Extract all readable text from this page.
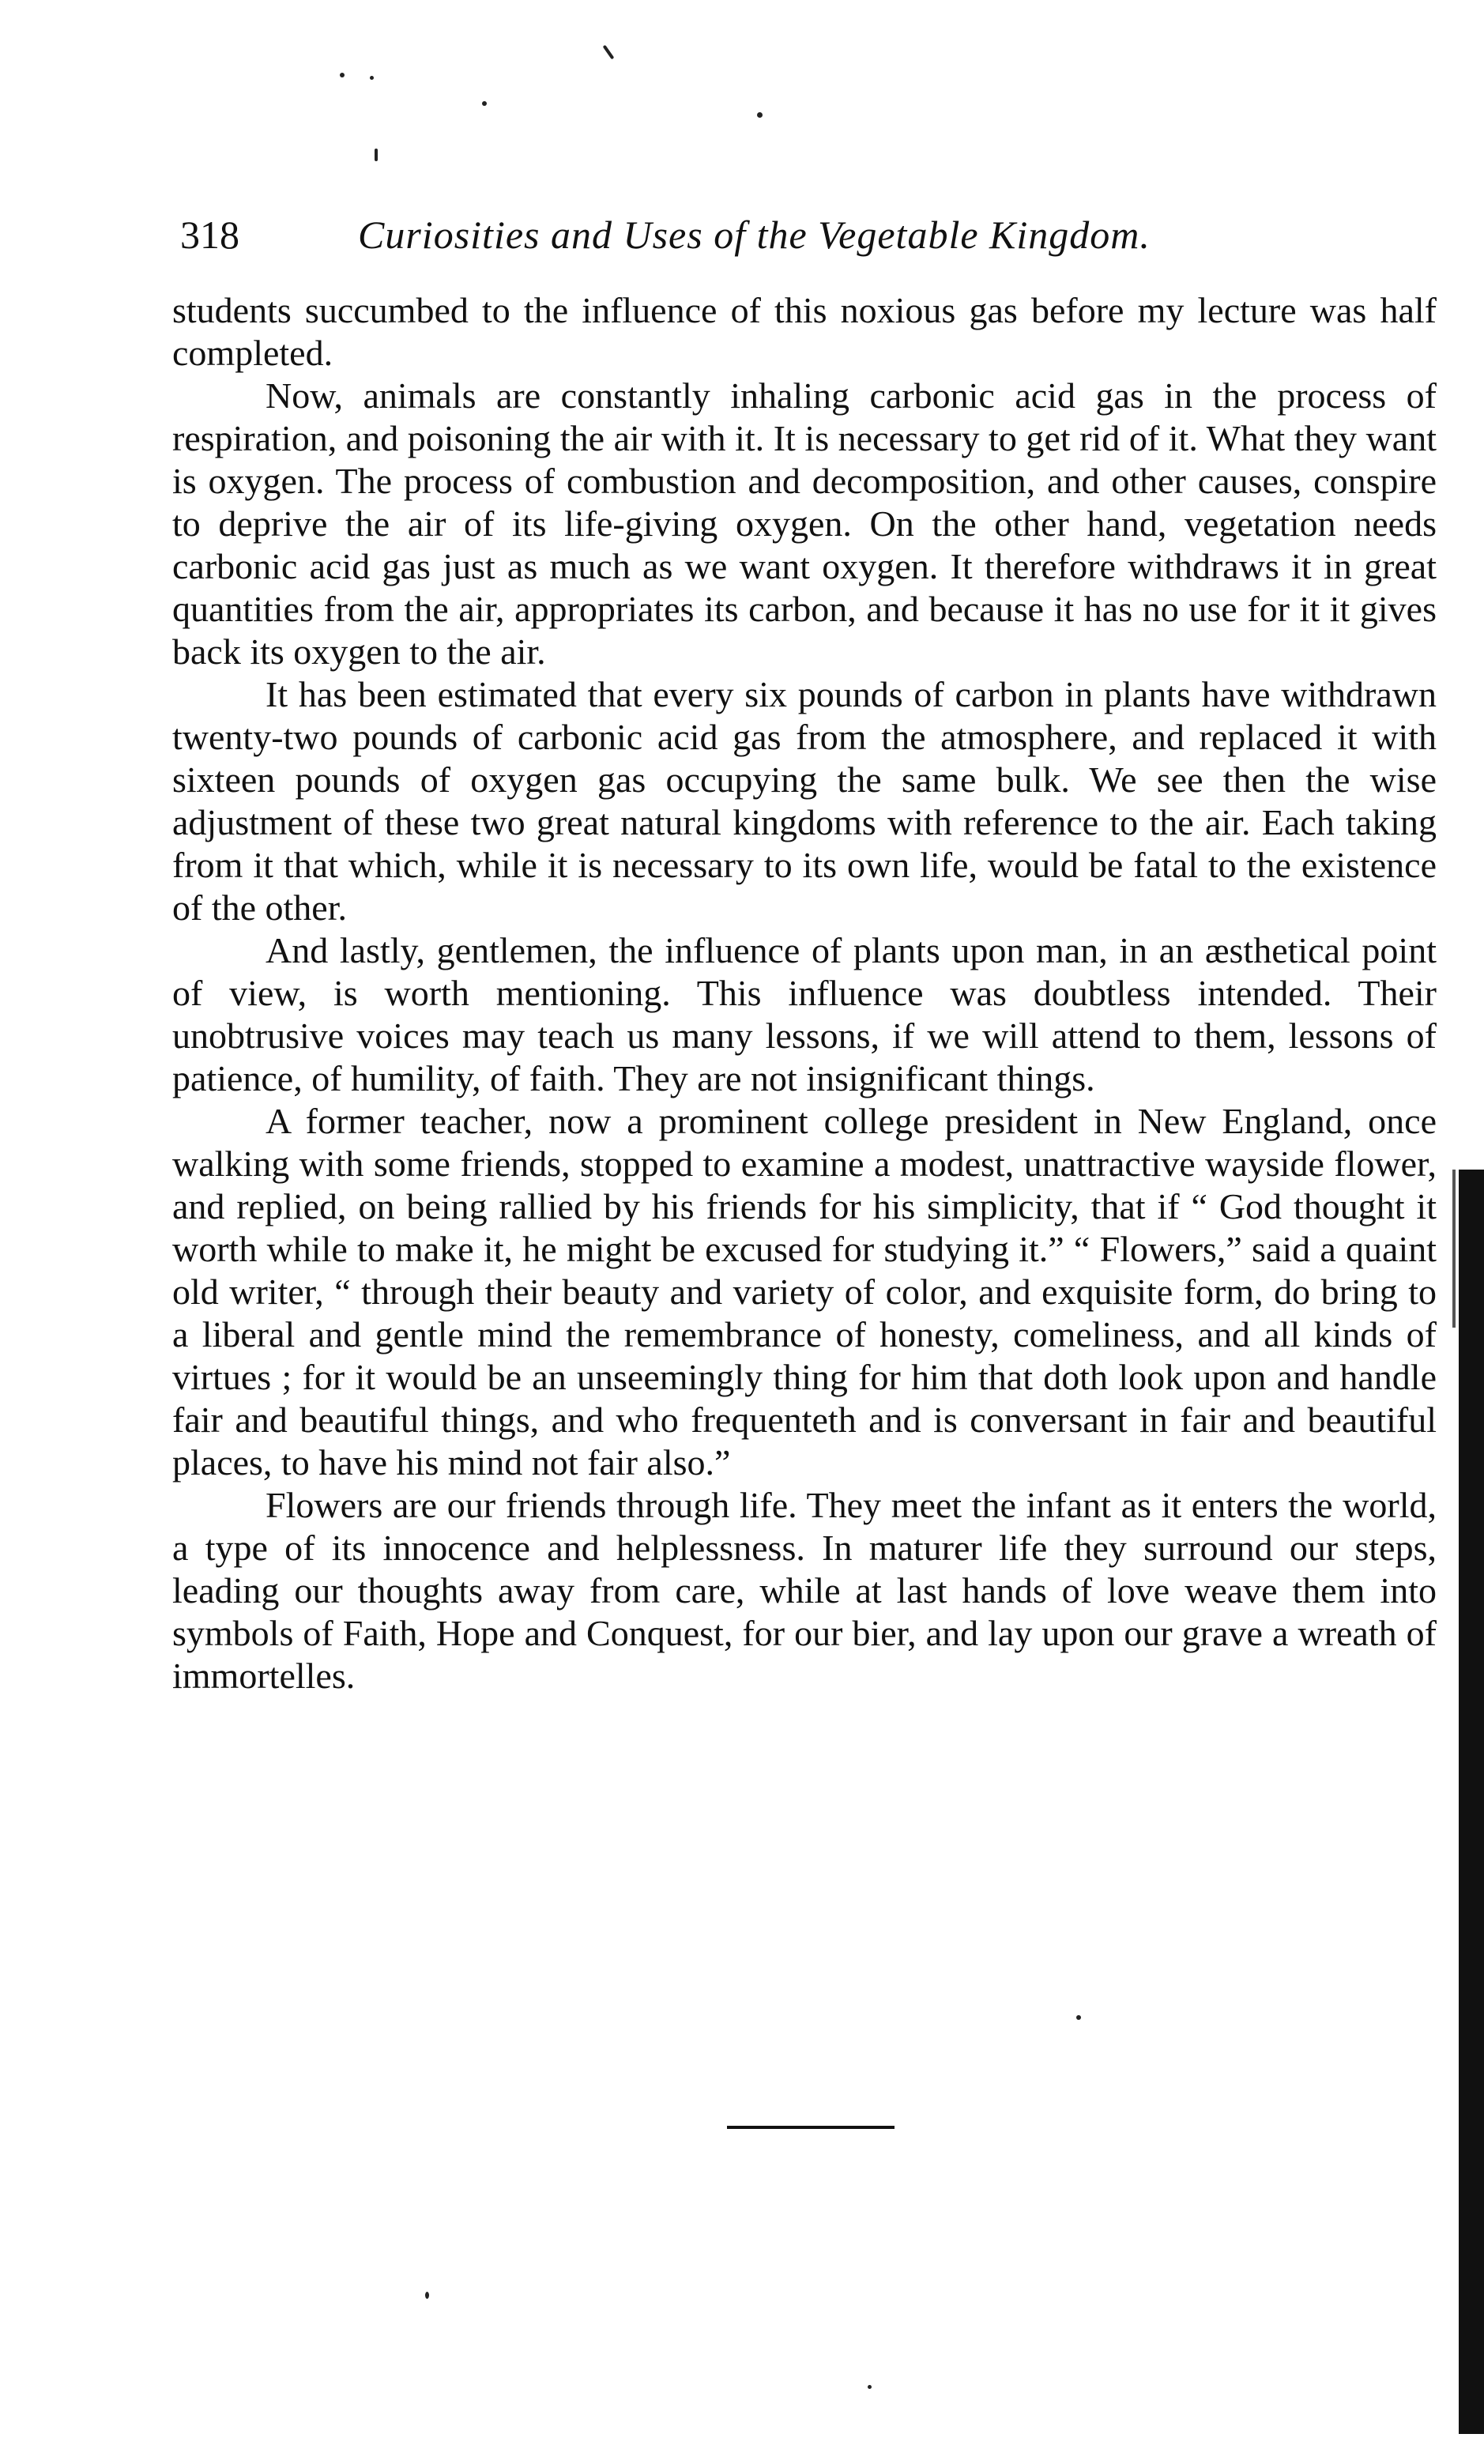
318	Curiosities and Uses of the Vegetable Kingdom.

students succumbed to the influence of this noxious gas before my lecture was half completed.

Now, animals are constantly inhaling carbonic acid gas in the process of respiration, and poisoning the air with it. It is necessary to get rid of it. What they want is oxygen. The process of combustion and decomposition, and other causes, conspire to deprive the air of its life-giving oxygen. On the other hand, vegetation needs carbonic acid gas just as much as we want oxygen. It therefore withdraws it in great quantities from the air, appropriates its carbon, and because it has no use for it it gives back its oxygen to the air.

It has been estimated that every six pounds of carbon in plants have withdrawn twenty-two pounds of carbonic acid gas from the atmosphere, and replaced it with sixteen pounds of oxygen gas occupying the same bulk. We see then the wise adjustment of these two great natural kingdoms with reference to the air. Each taking from it that which, while it is necessary to its own life, would be fatal to the existence of the other.

And lastly, gentlemen, the influence of plants upon man, in an æsthetical point of view, is worth mentioning. This influence was doubtless intended. Their unobtrusive voices may teach us many lessons, if we will attend to them, lessons of patience, of humility, of faith. They are not insignificant things.

A former teacher, now a prominent college president in New England, once walking with some friends, stopped to examine a modest, unattractive wayside flower, and replied, on being rallied by his friends for his simplicity, that if “ God thought it worth while to make it, he might be excused for studying it.” “ Flowers,” said a quaint old writer, “ through their beauty and variety of color, and exquisite form, do bring to a liberal and gentle mind the remembrance of honesty, comeliness, and all kinds of virtues ; for it would be an unseemingly thing for him that doth look upon and handle fair and beautiful things, and who frequenteth and is conversant in fair and beautiful places, to have his mind not fair also.”

Flowers are our friends through life. They meet the infant as it enters the world, a type of its innocence and helplessness. In maturer life they surround our steps, leading our thoughts away from care, while at last hands of love weave them into symbols of Faith, Hope and Conquest, for our bier, and lay upon our grave a wreath of immortelles.
